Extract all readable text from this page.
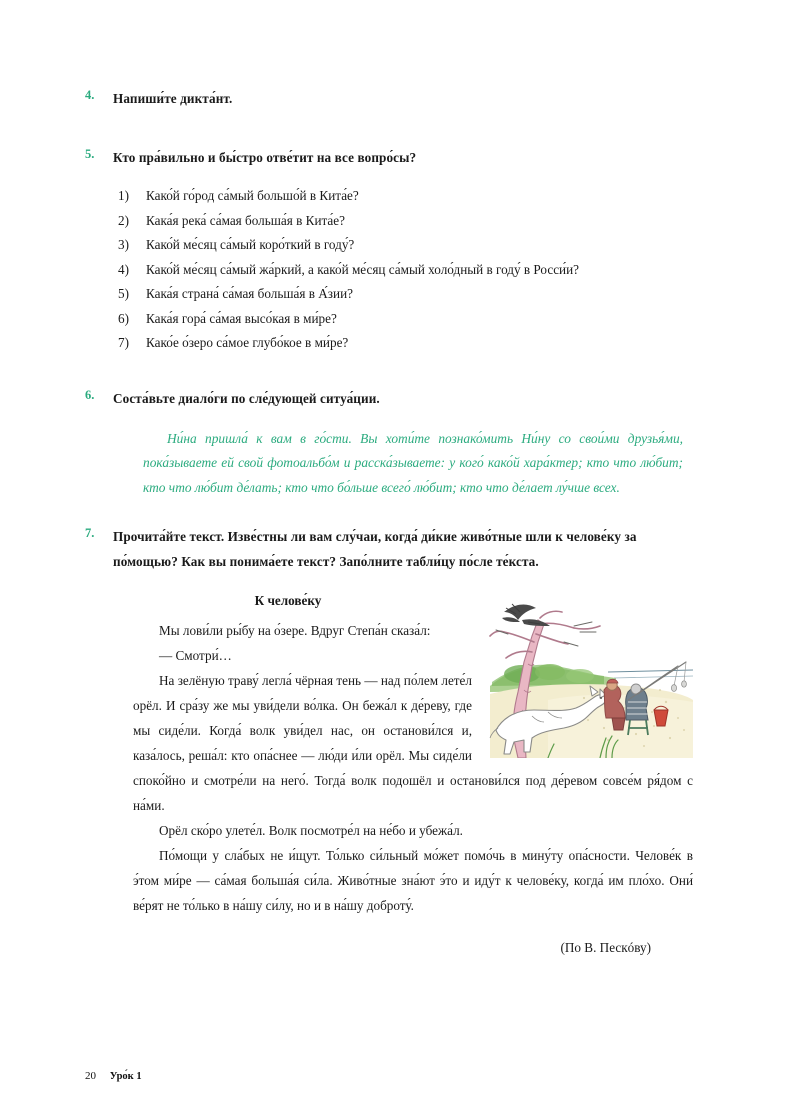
4.	Напиши́те дикта́нт.
5.	Кто пра́вильно и бы́стро отве́тит на все вопро́сы?
1)	Како́й го́род са́мый большо́й в Кита́е?
2)	Кака́я река́ са́мая больша́я в Кита́е?
3)	Како́й ме́сяц са́мый коро́ткий в году́?
4)	Како́й ме́сяц са́мый жа́ркий, а како́й ме́сяц са́мый холо́дный в году́ в Росси́и?
5)	Кака́я страна́ са́мая больша́я в А́зии?
6)	Кака́я гора́ са́мая высо́кая в ми́ре?
7)	Како́е о́зеро са́мое глубо́кое в ми́ре?
6.	Соста́вьте диало́ги по сле́дующей ситуа́ции.

Ни́на пришла́ к вам в го́сти. Вы хоти́те познако́мить Ни́ну со свои́ми друзья́ми, пока́зываете ей свой фотоальбо́м и расска́зываете: у кого́ како́й хара́ктер; кто что лю́бит; кто что лю́бит де́лать; кто что бо́льше всего́ лю́бит; кто что де́лает лу́чше всех.

7.	Прочита́йте текст. Изве́стны ли вам слу́чаи, когда́ ди́кие живо́тные шли к челове́ку за по́мощью? Как вы понима́ете текст? Запо́лните табли́цу по́сле те́кста.
К челове́ку

Мы лови́ли ры́бу на о́зере. Вдруг Степа́н сказа́л:

— Смотри́…

На зелёную траву́ легла́ чёрная тень — над по́лем лете́л орёл. И сра́зу же мы уви́дели во́лка. Он бежа́л к де́реву, где мы сиде́ли. Когда́ волк уви́дел нас, он останови́лся и, каза́лось, реша́л: кто опа́снее — лю́ди и́ли орёл. Мы сиде́ли споко́йно и смотре́ли на него́. Тогда́ волк подошёл и останови́лся под де́ревом совсе́м ря́дом с на́ми.

Орёл ско́ро улете́л. Волк посмотре́л на не́бо и убежа́л.

По́мощи у сла́бых не и́щут. То́лько си́льный мо́жет помо́чь в мину́ту опа́сности. Челове́к в э́том ми́ре — са́мая больша́я си́ла. Живо́тные зна́ют э́то и иду́т к челове́ку, когда́ им пло́хо. Они́ ве́рят не то́лько в на́шу си́лу, но и в на́шу доброту́.

(По В. Пескóву)
20 Уро́к 1
